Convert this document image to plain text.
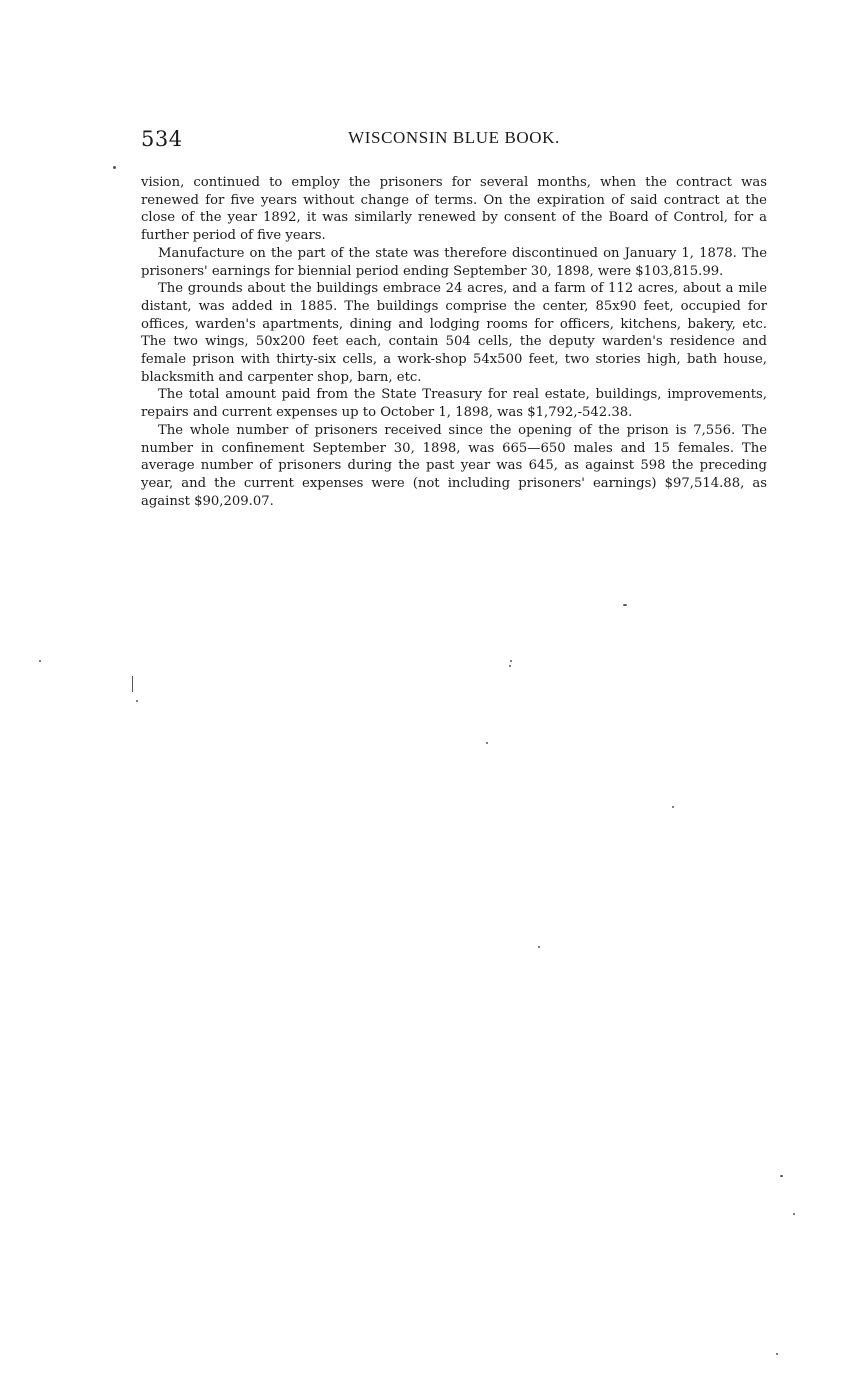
534	WISCONSIN BLUE BOOK.

vision, continued to employ the prisoners for several months, when the contract was renewed for five years without change of terms. On the expiration of said contract at the close of the year 1892, it was similarly renewed by consent of the Board of Control, for a further period of five years.

Manufacture on the part of the state was therefore discontinued on January 1, 1878. The prisoners' earnings for biennial period ending September 30, 1898, were $103,815.99.

The grounds about the buildings embrace 24 acres, and a farm of 112 acres, about a mile distant, was added in 1885. The buildings comprise the center, 85x90 feet, occupied for offices, warden's apartments, dining and lodging rooms for officers, kitchens, bakery, etc. The two wings, 50x200 feet each, contain 504 cells, the deputy warden's residence and female prison with thirty-six cells, a work-shop 54x500 feet, two stories high, bath house, blacksmith and carpenter shop, barn, etc.

The total amount paid from the State Treasury for real estate, buildings, improvements, repairs and current expenses up to October 1, 1898, was $1,792,-542.38.

The whole number of prisoners received since the opening of the prison is 7,556. The number in confinement September 30, 1898, was 665—650 males and 15 females. The average number of prisoners during the past year was 645, as against 598 the preceding year, and the current expenses were (not including prisoners' earnings) $97,514.88, as against $90,209.07.
